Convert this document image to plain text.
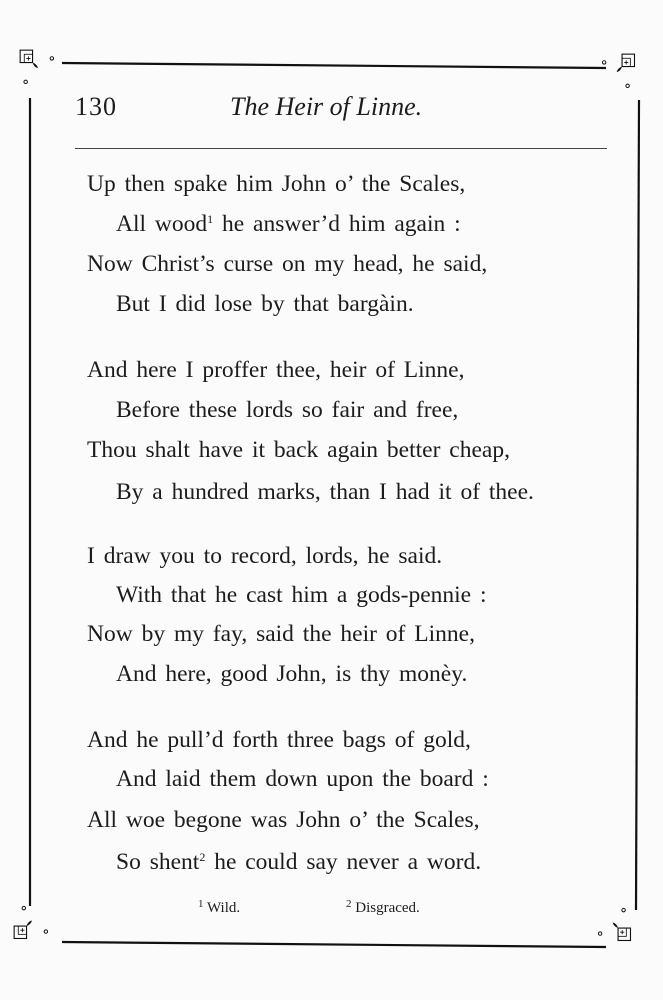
130	The Heir of Linne.
Up then spake him John o’ the Scales,
All wood$^1$ he answer’d him again :
Now Christ’s curse on my head, he said,
But I did lose by that bargàin.
And here I proffer thee, heir of Linne,
Before these lords so fair and free,
Thou shalt have it back again better cheap,
By a hundred marks, than I had it of thee.
I draw you to record, lords, he said.
With that he cast him a gods-pennie :
Now by my fay, said the heir of Linne,
And here, good John, is thy monèy.
And he pull’d forth three bags of gold,
And laid them down upon the board :
All woe begone was John o’ the Scales,
So shent$^2$ he could say never a word.
$^1$ Wild.	$^2$ Disgraced.
